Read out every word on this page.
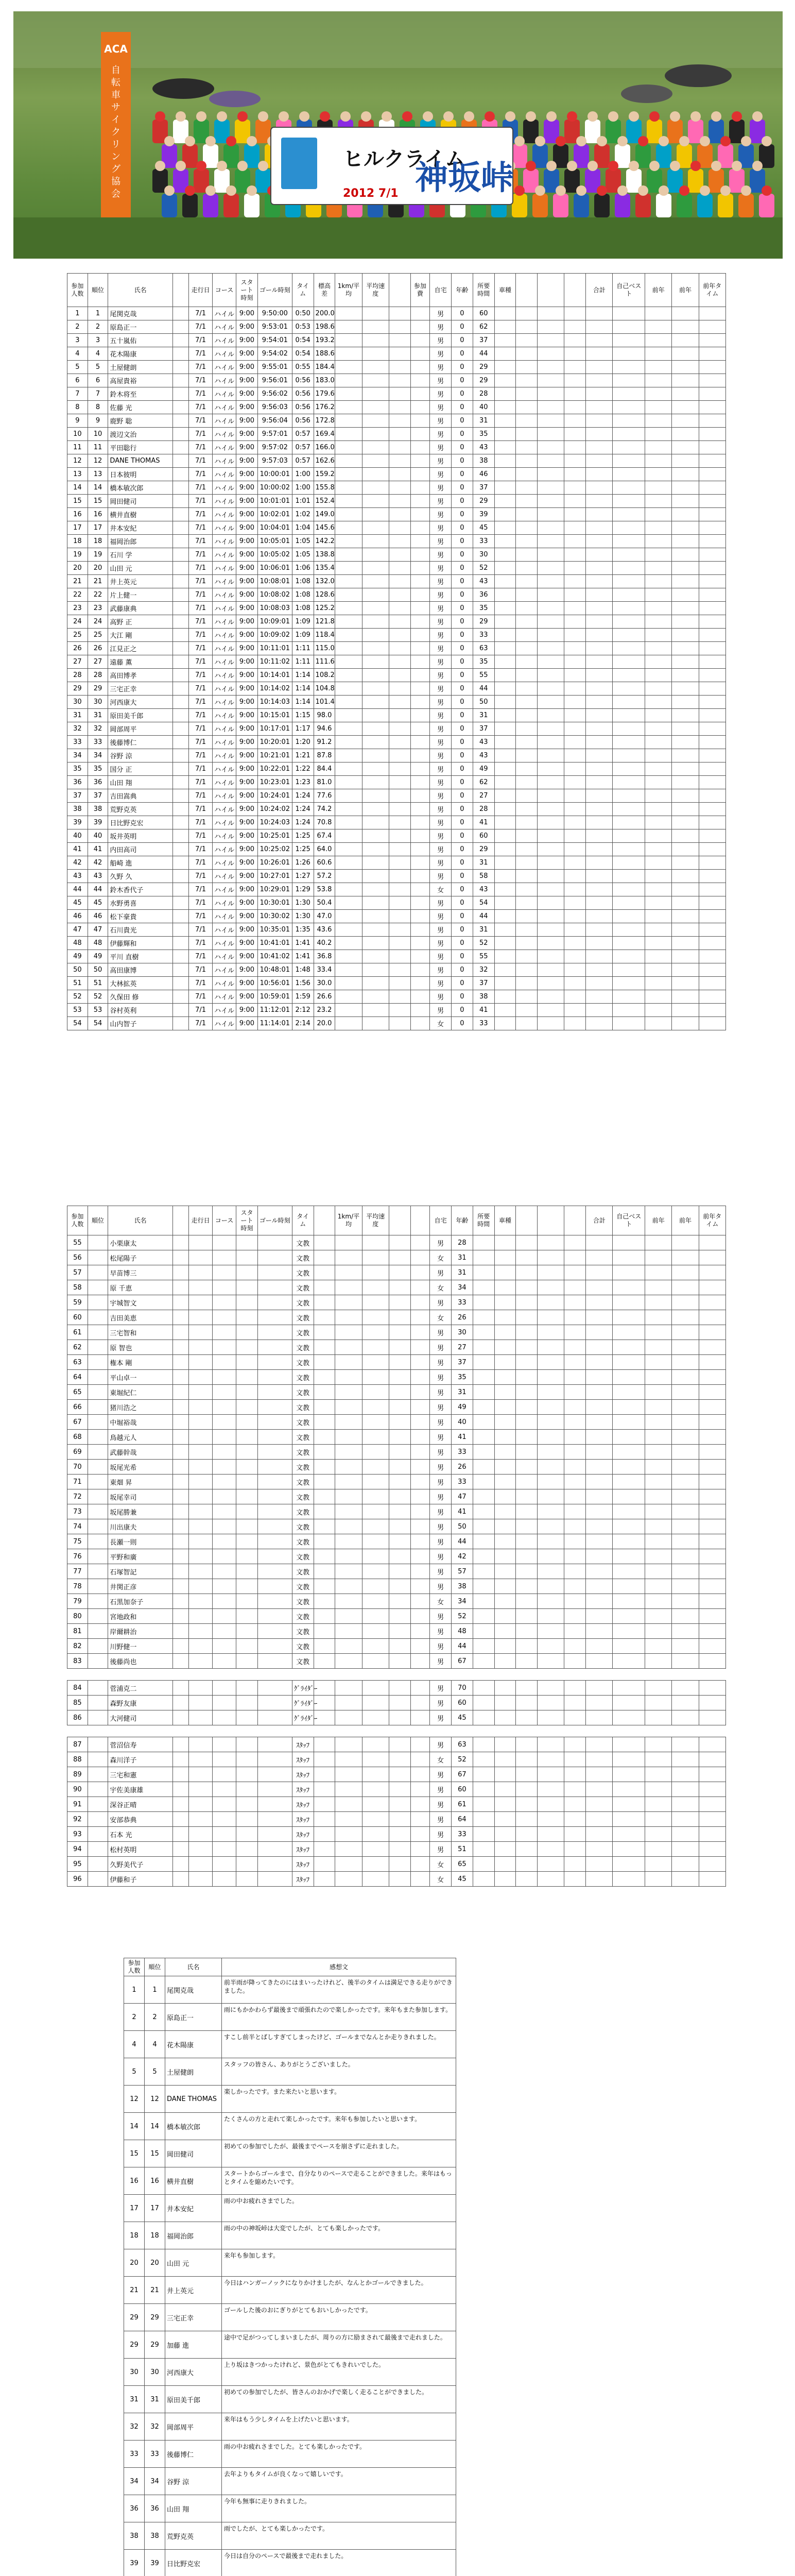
ACA
自
転
車
サ
イ
ク
リ
ン
グ
協
会
ヒルクライム
神坂峠
2012 7/1
参加人数	順位	氏名		走行日	コース	スタート時刻	ゴール時刻	タイム	標高差	1km/平均	平均速度		参加費	自宅	年齢	所要時間	車種				合計	自己ベスト	前年	前年	前年タイム
1	1	尾関克哉		7/1	ハイル	9:00	9:50:00	0:50	200.0					男	0	60									
2	2	原島正一		7/1	ハイル	9:00	9:53:01	0:53	198.6					男	0	62									
3	3	五十嵐佑		7/1	ハイル	9:00	9:54:01	0:54	193.2					男	0	37									
4	4	花木陽康		7/1	ハイル	9:00	9:54:02	0:54	188.6					男	0	44									
5	5	土屋健朗		7/1	ハイル	9:00	9:55:01	0:55	184.4					男	0	29									
6	6	高屋貴裕		7/1	ハイル	9:00	9:56:01	0:56	183.0					男	0	29									
7	7	鈴木将至		7/1	ハイル	9:00	9:56:02	0:56	179.6					男	0	28									
8	8	佐藤 光		7/1	ハイル	9:00	9:56:03	0:56	176.2					男	0	40									
9	9	鹿野 聡		7/1	ハイル	9:00	9:56:04	0:56	172.8					男	0	31									
10	10	渡辺文治		7/1	ハイル	9:00	9:57:01	0:57	169.4					男	0	35									
11	11	平田聡行		7/1	ハイル	9:00	9:57:02	0:57	166.0					男	0	43									
12	12	DANE THOMAS		7/1	ハイル	9:00	9:57:03	0:57	162.6					男	0	38									
13	13	日本彼明		7/1	ハイル	9:00	10:00:01	1:00	159.2					男	0	46									
14	14	橋本敏次郎		7/1	ハイル	9:00	10:00:02	1:00	155.8					男	0	37									
15	15	岡田健司		7/1	ハイル	9:00	10:01:01	1:01	152.4					男	0	29									
16	16	横井直樹		7/1	ハイル	9:00	10:02:01	1:02	149.0					男	0	39									
17	17	井本安紀		7/1	ハイル	9:00	10:04:01	1:04	145.6					男	0	45									
18	18	福岡治郎		7/1	ハイル	9:00	10:05:01	1:05	142.2					男	0	33									
19	19	石川 学		7/1	ハイル	9:00	10:05:02	1:05	138.8					男	0	30									
20	20	山田 元		7/1	ハイル	9:00	10:06:01	1:06	135.4					男	0	52									
21	21	井上英元		7/1	ハイル	9:00	10:08:01	1:08	132.0					男	0	43									
22	22	片上健一		7/1	ハイル	9:00	10:08:02	1:08	128.6					男	0	36									
23	23	武藤康典		7/1	ハイル	9:00	10:08:03	1:08	125.2					男	0	35									
24	24	高野 正		7/1	ハイル	9:00	10:09:01	1:09	121.8					男	0	29									
25	25	大江 剛		7/1	ハイル	9:00	10:09:02	1:09	118.4					男	0	33									
26	26	江見正之		7/1	ハイル	9:00	10:11:01	1:11	115.0					男	0	63									
27	27	遠藤 薫		7/1	ハイル	9:00	10:11:02	1:11	111.6					男	0	35									
28	28	高田博孝		7/1	ハイル	9:00	10:14:01	1:14	108.2					男	0	55									
29	29	三宅正幸		7/1	ハイル	9:00	10:14:02	1:14	104.8					男	0	44									
30	30	河西康大		7/1	ハイル	9:00	10:14:03	1:14	101.4					男	0	50									
31	31	原田美千郎		7/1	ハイル	9:00	10:15:01	1:15	98.0					男	0	31									
32	32	岡部周平		7/1	ハイル	9:00	10:17:01	1:17	94.6					男	0	37									
33	33	後藤博仁		7/1	ハイル	9:00	10:20:01	1:20	91.2					男	0	43									
34	34	谷野 涼		7/1	ハイル	9:00	10:21:01	1:21	87.8					男	0	43									
35	35	国分 正		7/1	ハイル	9:00	10:22:01	1:22	84.4					男	0	49									
36	36	山田 翔		7/1	ハイル	9:00	10:23:01	1:23	81.0					男	0	62									
37	37	吉田嵩典		7/1	ハイル	9:00	10:24:01	1:24	77.6					男	0	27									
38	38	荒野克英		7/1	ハイル	9:00	10:24:02	1:24	74.2					男	0	28									
39	39	日比野克宏		7/1	ハイル	9:00	10:24:03	1:24	70.8					男	0	41									
40	40	坂井英明		7/1	ハイル	9:00	10:25:01	1:25	67.4					男	0	60									
41	41	内田高司		7/1	ハイル	9:00	10:25:02	1:25	64.0					男	0	29									
42	42	船崎 進		7/1	ハイル	9:00	10:26:01	1:26	60.6					男	0	31									
43	43	久野 久		7/1	ハイル	9:00	10:27:01	1:27	57.2					男	0	58									
44	44	鈴木香代子		7/1	ハイル	9:00	10:29:01	1:29	53.8					女	0	43									
45	45	水野勇喜		7/1	ハイル	9:00	10:30:01	1:30	50.4					男	0	54									
46	46	松下豪貴		7/1	ハイル	9:00	10:30:02	1:30	47.0					男	0	44									
47	47	石川貴光		7/1	ハイル	9:00	10:35:01	1:35	43.6					男	0	31									
48	48	伊藤輝和		7/1	ハイル	9:00	10:41:01	1:41	40.2					男	0	52									
49	49	平川 直樹		7/1	ハイル	9:00	10:41:02	1:41	36.8					男	0	55									
50	50	高田康博		7/1	ハイル	9:00	10:48:01	1:48	33.4					男	0	32									
51	51	大林拡英		7/1	ハイル	9:00	10:56:01	1:56	30.0					男	0	37									
52	52	久保田 修		7/1	ハイル	9:00	10:59:01	1:59	26.6					男	0	38									
53	53	谷村英利		7/1	ハイル	9:00	11:12:01	2:12	23.2					男	0	41									
54	54	山内智子		7/1	ハイル	9:00	11:14:01	2:14	20.0					女	0	33									
参加人数	順位	氏名		走行日	コース	スタート時刻	ゴール時刻	タイム		1km/平均	平均速度			自宅	年齢	所要時間	車種				合計	自己ベスト	前年	前年	前年タイム
55		小栗康太						文教						男	28										
56		松尾陽子						文教						女	31										
57		早苗博三						文教						男	31										
58		原 千恵						文教						女	34										
59		宇城智文						文教						男	33										
60		吉田美恵						文教						女	26										
61		三宅智和						文教						男	30										
62		原 智也						文教						男	27										
63		権本 剛						文教						男	37										
64		平山卓一						文教						男	35										
65		東堀紀仁						文教						男	31										
66		猪川浩之						文教						男	49										
67		中堀裕哉						文教						男	40										
68		鳥越元人						文教						男	41										
69		武藤幹哉						文教						男	33										
70		坂尾光希						文教						男	26										
71		東畑 昇						文教						男	33										
72		坂尾幸司						文教						男	47										
73		坂尾勝兼						文教						男	41										
74		川出康夫						文教						男	50										
75		長瀬一則						文教						男	44										
76		平野和廣						文教						男	42										
77		石塚智記						文教						男	57										
78		井関正彦						文教						男	38										
79		石黒加奈子						文教						女	34										
80		宮地政和						文教						男	52										
81		岸爾耕治						文教						男	48										
82		川野健一						文教						男	44										
83		後藤尚也						文教						男	67										

84		菅浦克二						ｸﾞﾗｲﾀﾞｰ						男	70										
85		森野友康						ｸﾞﾗｲﾀﾞｰ						男	60										
86		大河健司						ｸﾞﾗｲﾀﾞｰ						男	45										

87		菅沼信寿						ｽﾀｯﾌ						男	63										
88		森川洋子						ｽﾀｯﾌ						女	52										
89		三宅和憲						ｽﾀｯﾌ						男	67										
90		宇佐美康雄						ｽﾀｯﾌ						男	60										
91		深谷正晴						ｽﾀｯﾌ						男	61										
92		安部恭典						ｽﾀｯﾌ						男	64										
93		石本 光						ｽﾀｯﾌ						男	33										
94		松村英明						ｽﾀｯﾌ						男	51										
95		久野美代子						ｽﾀｯﾌ						女	65										
96		伊藤和子						ｽﾀｯﾌ						女	45										
参加人数	順位	氏名	感想文
1	1	尾関克哉	前半雨が降ってきたのにはまいったけれど、後半のタイムは満足できる走りができました。
2	2	原島正一	雨にもかかわらず最後まで頑張れたので楽しかったです。来年もまた参加します。
4	4	花木陽康	すこし前半とばしすぎてしまったけど、ゴールまでなんとか走りきれました。
5	5	土屋健朗	スタッフの皆さん、ありがとうございました。
12	12	DANE THOMAS	楽しかったです。また来たいと思います。
14	14	橋本敏次郎	たくさんの方と走れて楽しかったです。来年も参加したいと思います。
15	15	岡田健司	初めての参加でしたが、最後までペースを崩さずに走れました。
16	16	横井直樹	スタートからゴールまで、自分なりのペースで走ることができました。来年はもっとタイムを縮めたいです。
17	17	井本安紀	雨の中お疲れさまでした。
18	18	福岡治郎	雨の中の神坂峠は大変でしたが、とても楽しかったです。
20	20	山田 元	来年も参加します。
21	21	井上英元	今日はハンガーノックになりかけましたが、なんとかゴールできました。
29	29	三宅正幸	ゴールした後のおにぎりがとてもおいしかったです。
29	29	加藤 進	途中で足がつってしまいましたが、周りの方に励まされて最後まで走れました。
30	30	河西康大	上り坂はきつかったけれど、景色がとてもきれいでした。
31	31	原田美千郎	初めての参加でしたが、皆さんのおかげで楽しく走ることができました。
32	32	岡部周平	来年はもう少しタイムを上げたいと思います。
33	33	後藤博仁	雨の中お疲れさまでした。とても楽しかったです。
34	34	谷野 涼	去年よりもタイムが良くなって嬉しいです。
36	36	山田 翔	今年も無事に走りきれました。
38	38	荒野克英	雨でしたが、とても楽しかったです。
39	39	日比野克宏	今日は自分のペースで最後まで走れました。
